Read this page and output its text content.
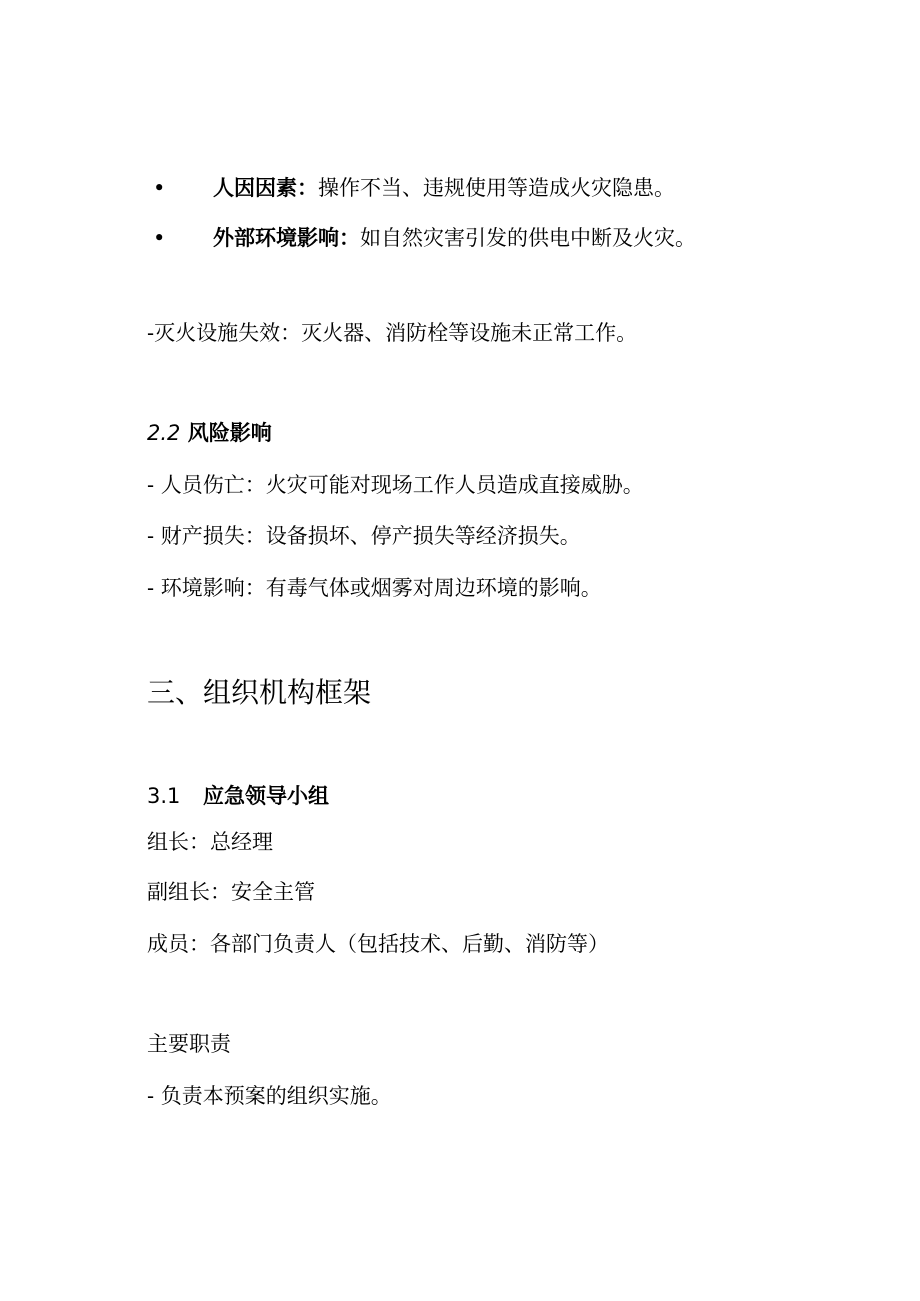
• 人因因素：操作不当、违规使用等造成火灾隐患。
• 外部环境影响：如自然灾害引发的供电中断及火灾。
-灭火设施失效：灭火器、消防栓等设施未正常工作。
2.2 风险影响
- 人员伤亡：火灾可能对现场工作人员造成直接威胁。
- 财产损失：设备损坏、停产损失等经济损失。
- 环境影响：有毒气体或烟雾对周边环境的影响。
三、组织机构框架
3.1 应急领导小组
组长：总经理
副组长：安全主管
成员：各部门负责人（包括技术、后勤、消防等）
主要职责
- 负责本预案的组织实施。
